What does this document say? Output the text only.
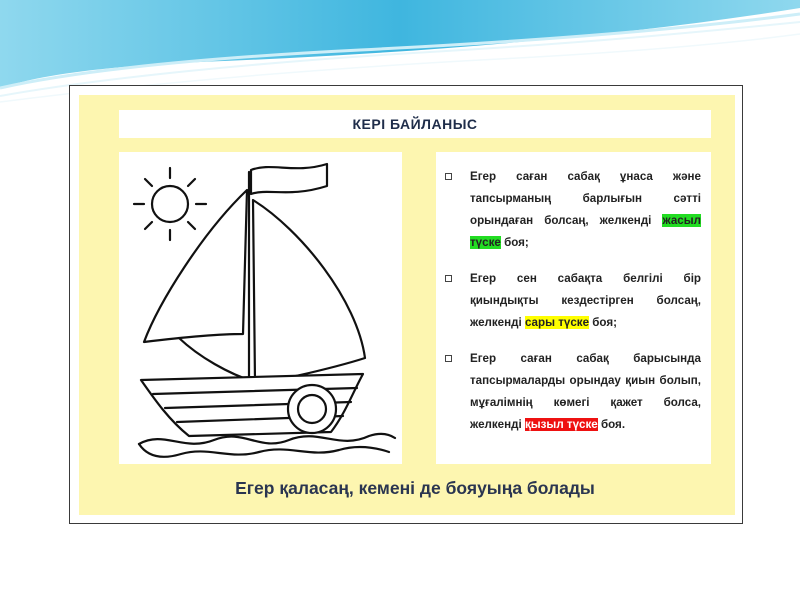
КЕРІ БАЙЛАНЫС
Егер саған сабақ ұнаса және тапсырманың барлығын сәтті орындаған болсаң, желкенді жасыл түске боя;
Егер сен сабақта белгілі бір қиындықты кездестірген болсаң, желкенді сары түске боя;
Егер саған сабақ барысында тапсырмаларды орындау қиын болып, мұғалімнің көмегі қажет болса, желкенді қызыл түске боя.
Егер қаласаң, кемені де бояуыңа болады
